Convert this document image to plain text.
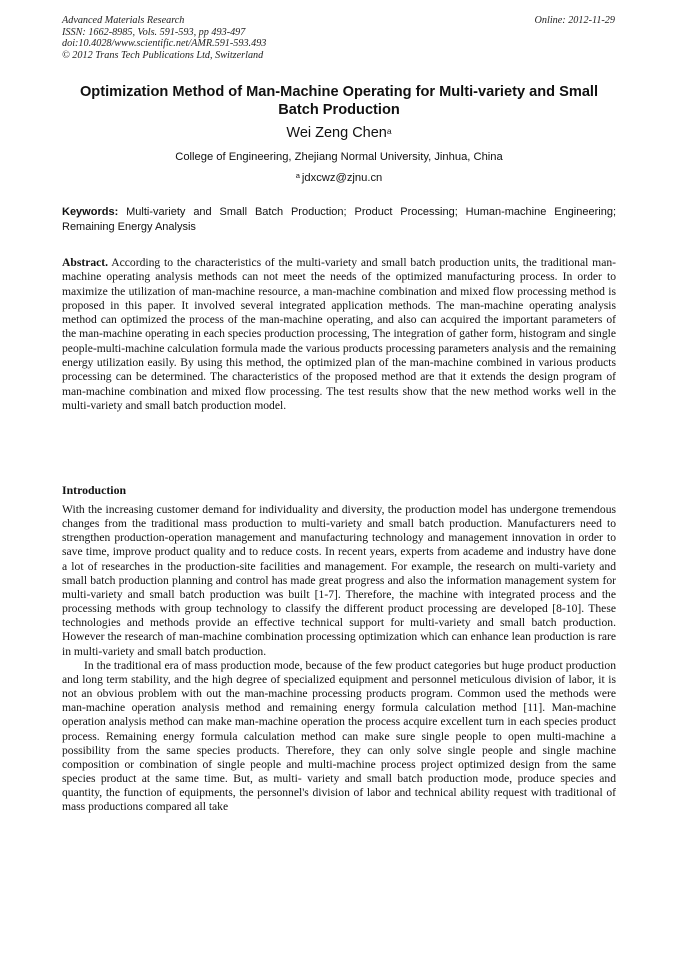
Advanced Materials Research
ISSN: 1662-8985, Vols. 591-593, pp 493-497
doi:10.4028/www.scientific.net/AMR.591-593.493
© 2012 Trans Tech Publications Ltd, Switzerland
Online: 2012-11-29
Optimization Method of Man-Machine Operating for Multi-variety and Small Batch Production
Wei Zeng Chen$^a$
College of Engineering, Zhejiang Normal University, Jinhua, China
$^a$ jdxcwz@zjnu.cn
Keywords: Multi-variety and Small Batch Production; Product Processing; Human-machine Engineering; Remaining Energy Analysis
Abstract. According to the characteristics of the multi-variety and small batch production units, the traditional man-machine operating analysis methods can not meet the needs of the optimized manufacturing process. In order to maximize the utilization of man-machine resource, a man-machine combination and mixed flow processing method is proposed in this paper. It involved several integrated application methods. The man-machine operating analysis method can optimized the process of the man-machine operating, and also can acquired the important parameters of the man-machine operating in each species production processing, The integration of gather form, histogram and single people-multi-machine calculation formula made the various products processing parameters analysis and the remaining energy utilization easily. By using this method, the optimized plan of the man-machine combined in various products processing can be determined. The characteristics of the proposed method are that it extends the design program of man-machine combination and mixed flow processing. The test results show that the new method works well in the multi-variety and small batch production model.
Introduction

With the increasing customer demand for individuality and diversity, the production model has undergone tremendous changes from the traditional mass production to multi-variety and small batch production. Manufacturers need to strengthen production-operation management and manufacturing technology and management innovation in order to save time, improve product quality and to reduce costs. In recent years, experts from academe and industry have done a lot of researches in the production-site facilities and management. For example, the research on multi-variety and small batch production planning and control has made great progress and also the information management system for multi-variety and small batch production was built [1-7]. Therefore, the machine with integrated process and the processing methods with group technology to classify the different product processing are developed [8-10]. These technologies and methods provide an effective technical support for multi-variety and small batch production. However the research of man-machine combination processing optimization which can enhance lean production is rare in multi-variety and small batch production.

In the traditional era of mass production mode, because of the few product categories but huge product production and long term stability, and the high degree of specialized equipment and personnel meticulous division of labor, it is not an obvious problem with out the man-machine processing products program. Common used the methods were man-machine operation analysis method and remaining energy formula calculation method [11]. Man-machine operation analysis method can make man-machine operation the process acquire excellent turn in each species product process. Remaining energy formula calculation method can make sure single people to open multi-machine a possibility from the same species products. Therefore, they can only solve single people and single machine composition or combination of single people and multi-machine process project optimized design from the same species product at the same time. But, as multi- variety and small batch production mode, produce species and quantity, the function of equipments, the personnel's division of labor and technical ability request with traditional of mass productions compared all take
